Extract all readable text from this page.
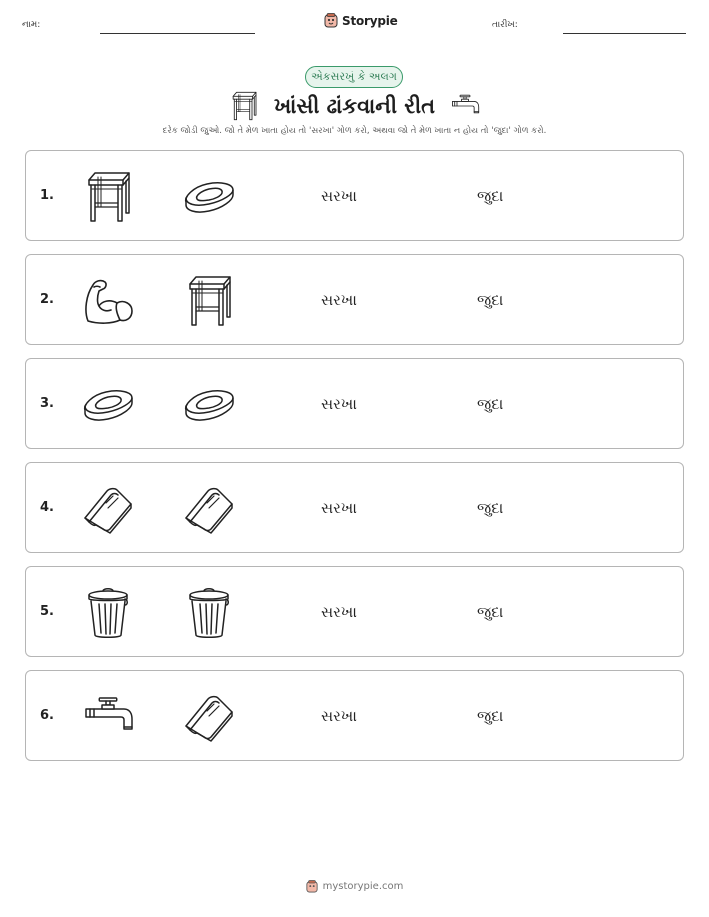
નામ:	Storypie	તારીખ:
એકસરખું કે અલગ
ખાંસી ઢાંકવાની રીત
દરેક જોડી જુઓ. જો તે મેળ ખાતા હોય તો 'સરખા' ગોળ કરો, અથવા જો તે મેળ ખાતા ન હોય તો 'જુદા' ગોળ કરો.
1.	સરખા	જુદા
2.	સરખા	જુદા
3.	સરખા	જુદા
4.	સરખા	જુદા
5.	સરખા	જુદા
6.	સરખા	જુદા
mystorypie.com
